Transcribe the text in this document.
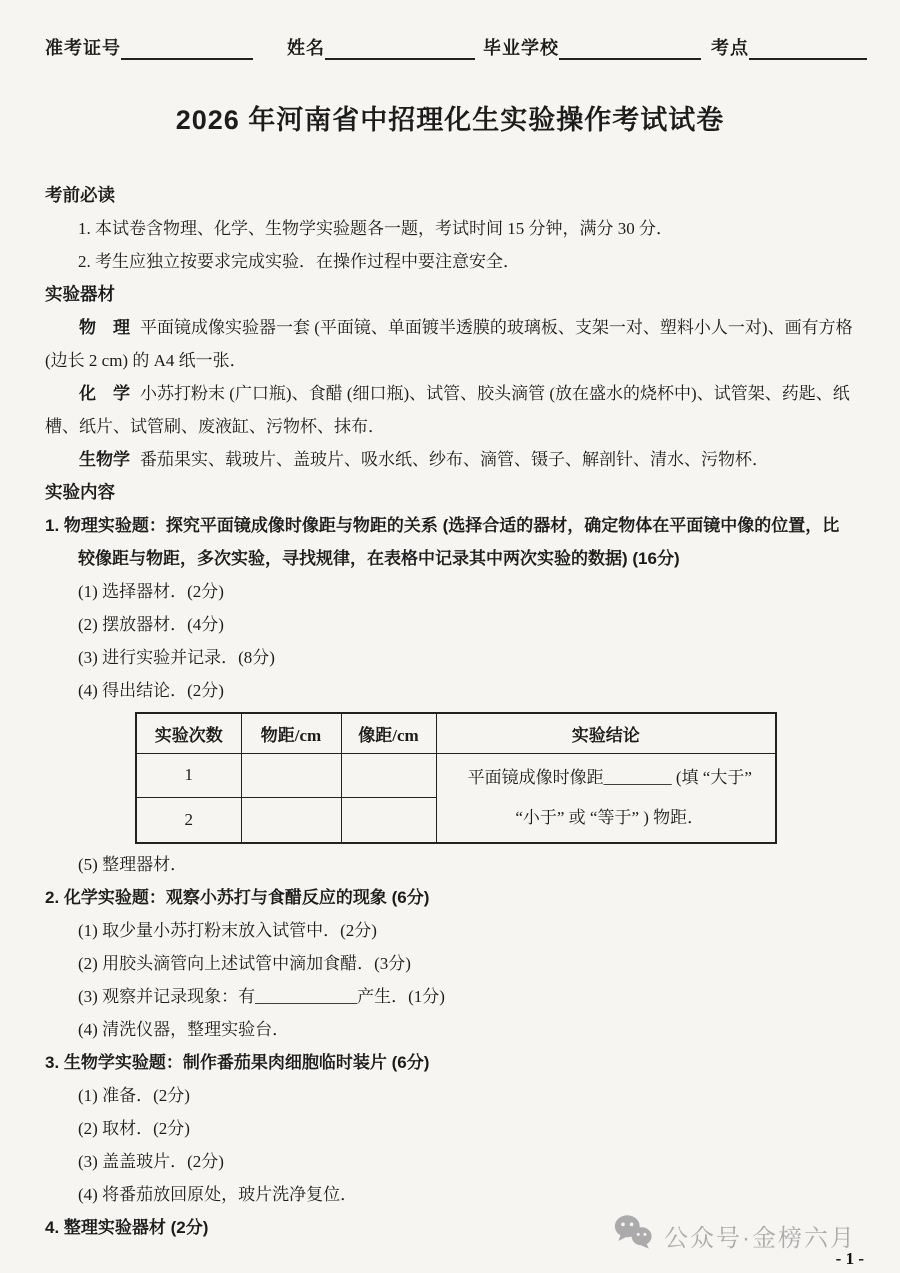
准考证号	姓名	毕业学校	考点
2026 年河南省中招理化生实验操作考试试卷
考前必读

1. 本试卷含物理、化学、生物学实验题各一题，考试时间 15 分钟，满分 30 分．

2. 考生应独立按要求完成实验．在操作过程中要注意安全．

实验器材

物　理 平面镜成像实验器一套 (平面镜、单面镀半透膜的玻璃板、支架一对、塑料小人一对)、画有方格 (边长 2 cm) 的 A4 纸一张．

化　学 小苏打粉末 (广口瓶)、食醋 (细口瓶)、试管、胶头滴管 (放在盛水的烧杯中)、试管架、药匙、纸槽、纸片、试管刷、废液缸、污物杯、抹布．

生物学 番茄果实、载玻片、盖玻片、吸水纸、纱布、滴管、镊子、解剖针、清水、污物杯．

实验内容

1. 物理实验题：探究平面镜成像时像距与物距的关系 (选择合适的器材，确定物体在平面镜中像的位置，比较像距与物距，多次实验，寻找规律，在表格中记录其中两次实验的数据) (16分)

(1) 选择器材．(2分)

(2) 摆放器材．(4分)

(3) 进行实验并记录．(8分)

(4) 得出结论．(2分)

实验次数	物距/cm	像距/cm	实验结论
1			平面镜成像时像距________ (填 “大于”
“小于” 或 “等于” ) 物距．

2			

(5) 整理器材．

2. 化学实验题：观察小苏打与食醋反应的现象 (6分)

(1) 取少量小苏打粉末放入试管中．(2分)

(2) 用胶头滴管向上述试管中滴加食醋．(3分)

(3) 观察并记录现象：有____________产生．(1分)

(4) 清洗仪器，整理实验台．

3. 生物学实验题：制作番茄果肉细胞临时装片 (6分)

(1) 准备．(2分)

(2) 取材．(2分)

(3) 盖盖玻片．(2分)

(4) 将番茄放回原处，玻片洗净复位．

4. 整理实验器材 (2分)	公众号·金榜六月
- 1 -
